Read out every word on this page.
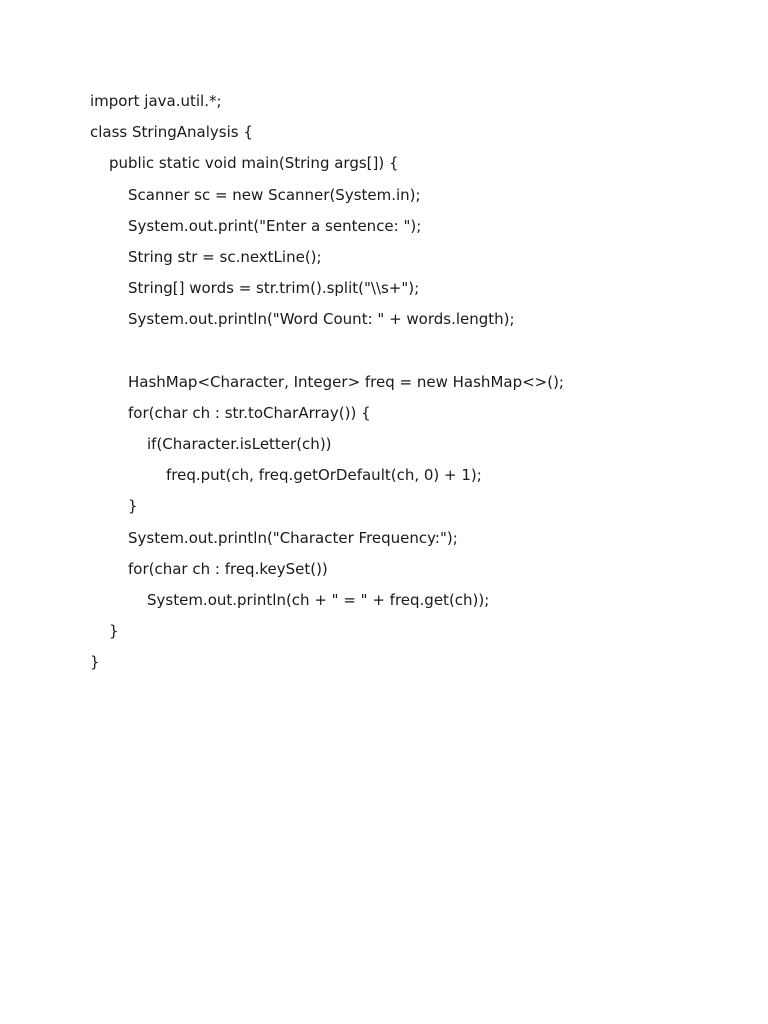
import java.util.*;
class StringAnalysis {
public static void main(String args[]) {
Scanner sc = new Scanner(System.in);
System.out.print("Enter a sentence: ");
String str = sc.nextLine();
String[] words = str.trim().split("\\s+");
System.out.println("Word Count: " + words.length);
HashMap<Character, Integer> freq = new HashMap<>();
for(char ch : str.toCharArray()) {
if(Character.isLetter(ch))
freq.put(ch, freq.getOrDefault(ch, 0) + 1);
}
System.out.println("Character Frequency:");
for(char ch : freq.keySet())
System.out.println(ch + " = " + freq.get(ch));
}
}
